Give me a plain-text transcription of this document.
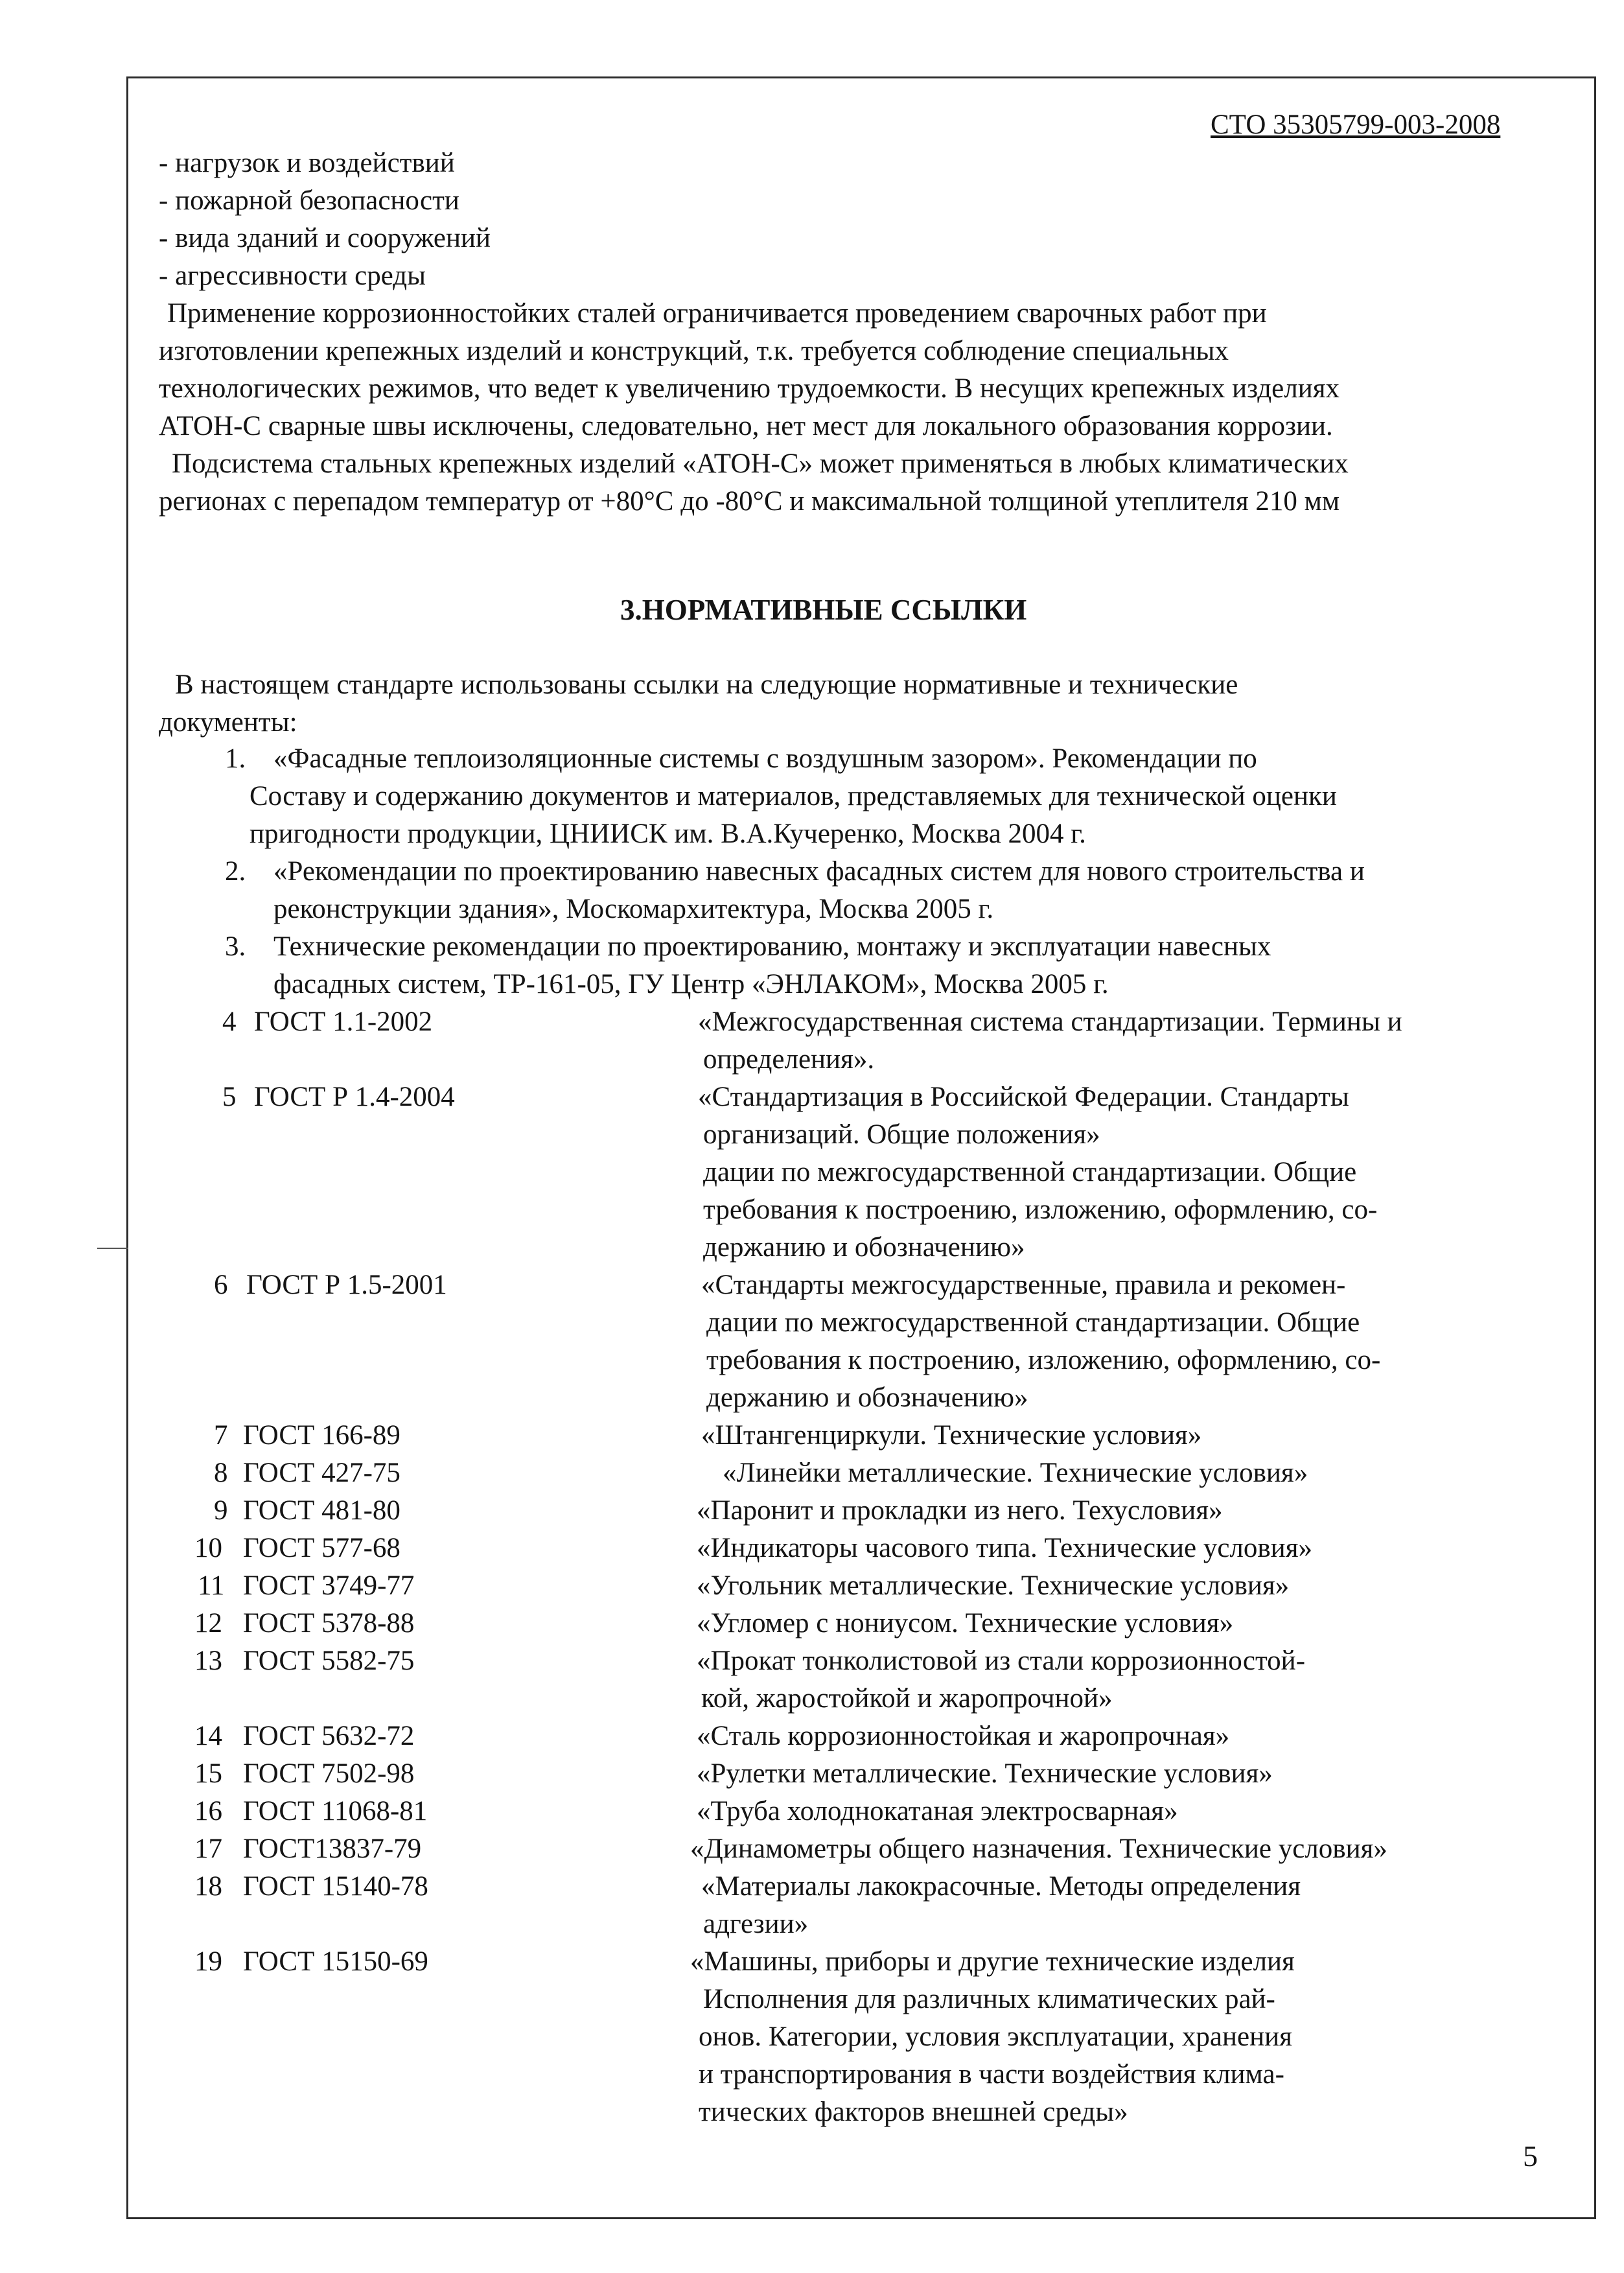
СТО 35305799-003-2008
- нагрузок и воздействий
- пожарной безопасности
- вида зданий и сооружений
- агрессивности среды
Применение коррозионностойких сталей ограничивается проведением сварочных работ при
изготовлении крепежных изделий и конструкций, т.к. требуется соблюдение специальных
технологических режимов, что ведет к увеличению трудоемкости. В несущих крепежных изделиях
АТОН-С сварные швы исключены, следовательно, нет мест для локального образования коррозии.
Подсистема стальных крепежных изделий «АТОН-С» может применяться в любых климатических
регионах с перепадом температур от +80°С до -80°С и максимальной толщиной утеплителя 210 мм
3.НОРМАТИВНЫЕ ССЫЛКИ
В настоящем стандарте использованы ссылки на следующие нормативные и технические
документы:
1. «Фасадные теплоизоляционные системы с воздушным зазором». Рекомендации по
Составу и содержанию документов и материалов, представляемых для технической оценки
пригодности продукции, ЦНИИСК им. В.А.Кучеренко, Москва 2004 г.
2. «Рекомендации по проектированию навесных фасадных систем для нового строительства и
реконструкции здания», Москомархитектура, Москва 2005 г.
3. Технические рекомендации по проектированию, монтажу и эксплуатации навесных
фасадных систем, ТР-161-05, ГУ Центр «ЭНЛАКОМ», Москва 2005 г.
4 ГОСТ 1.1-2002	«Межгосударственная система стандартизации. Термины и
определения».
5 ГОСТ Р 1.4-2004	«Стандартизация в Российской Федерации. Стандарты
организаций. Общие положения»
дации по межгосударственной стандартизации. Общие
требования к построению, изложению, оформлению, со-
держанию и обозначению»
6 ГОСТ Р 1.5-2001	«Стандарты межгосударственные, правила и рекомен-
дации по межгосударственной стандартизации. Общие
требования к построению, изложению, оформлению, со-
держанию и обозначению»
7 ГОСТ 166-89	«Штангенциркули. Технические условия»
8 ГОСТ 427-75	«Линейки металлические. Технические условия»
9 ГОСТ 481-80	«Паронит и прокладки из него. Техусловия»
10 ГОСТ 577-68	«Индикаторы часового типа. Технические условия»
11 ГОСТ 3749-77	«Угольник металлические. Технические условия»
12 ГОСТ 5378-88	«Угломер с нониусом. Технические условия»
13 ГОСТ 5582-75	«Прокат тонколистовой из стали коррозионностой-
кой, жаростойкой и жаропрочной»
14 ГОСТ 5632-72	«Сталь коррозионностойкая и жаропрочная»
15 ГОСТ 7502-98	«Рулетки металлические. Технические условия»
16 ГОСТ 11068-81	«Труба холоднокатаная электросварная»
17 ГОСТ13837-79	«Динамометры общего назначения. Технические условия»
18 ГОСТ 15140-78	«Материалы лакокрасочные. Методы определения
адгезии»
19 ГОСТ 15150-69	«Машины, приборы и другие технические изделия
Исполнения для различных климатических рай-
онов. Категории, условия эксплуатации, хранения
и транспортирования в части воздействия клима-
тических факторов внешней среды»
5
